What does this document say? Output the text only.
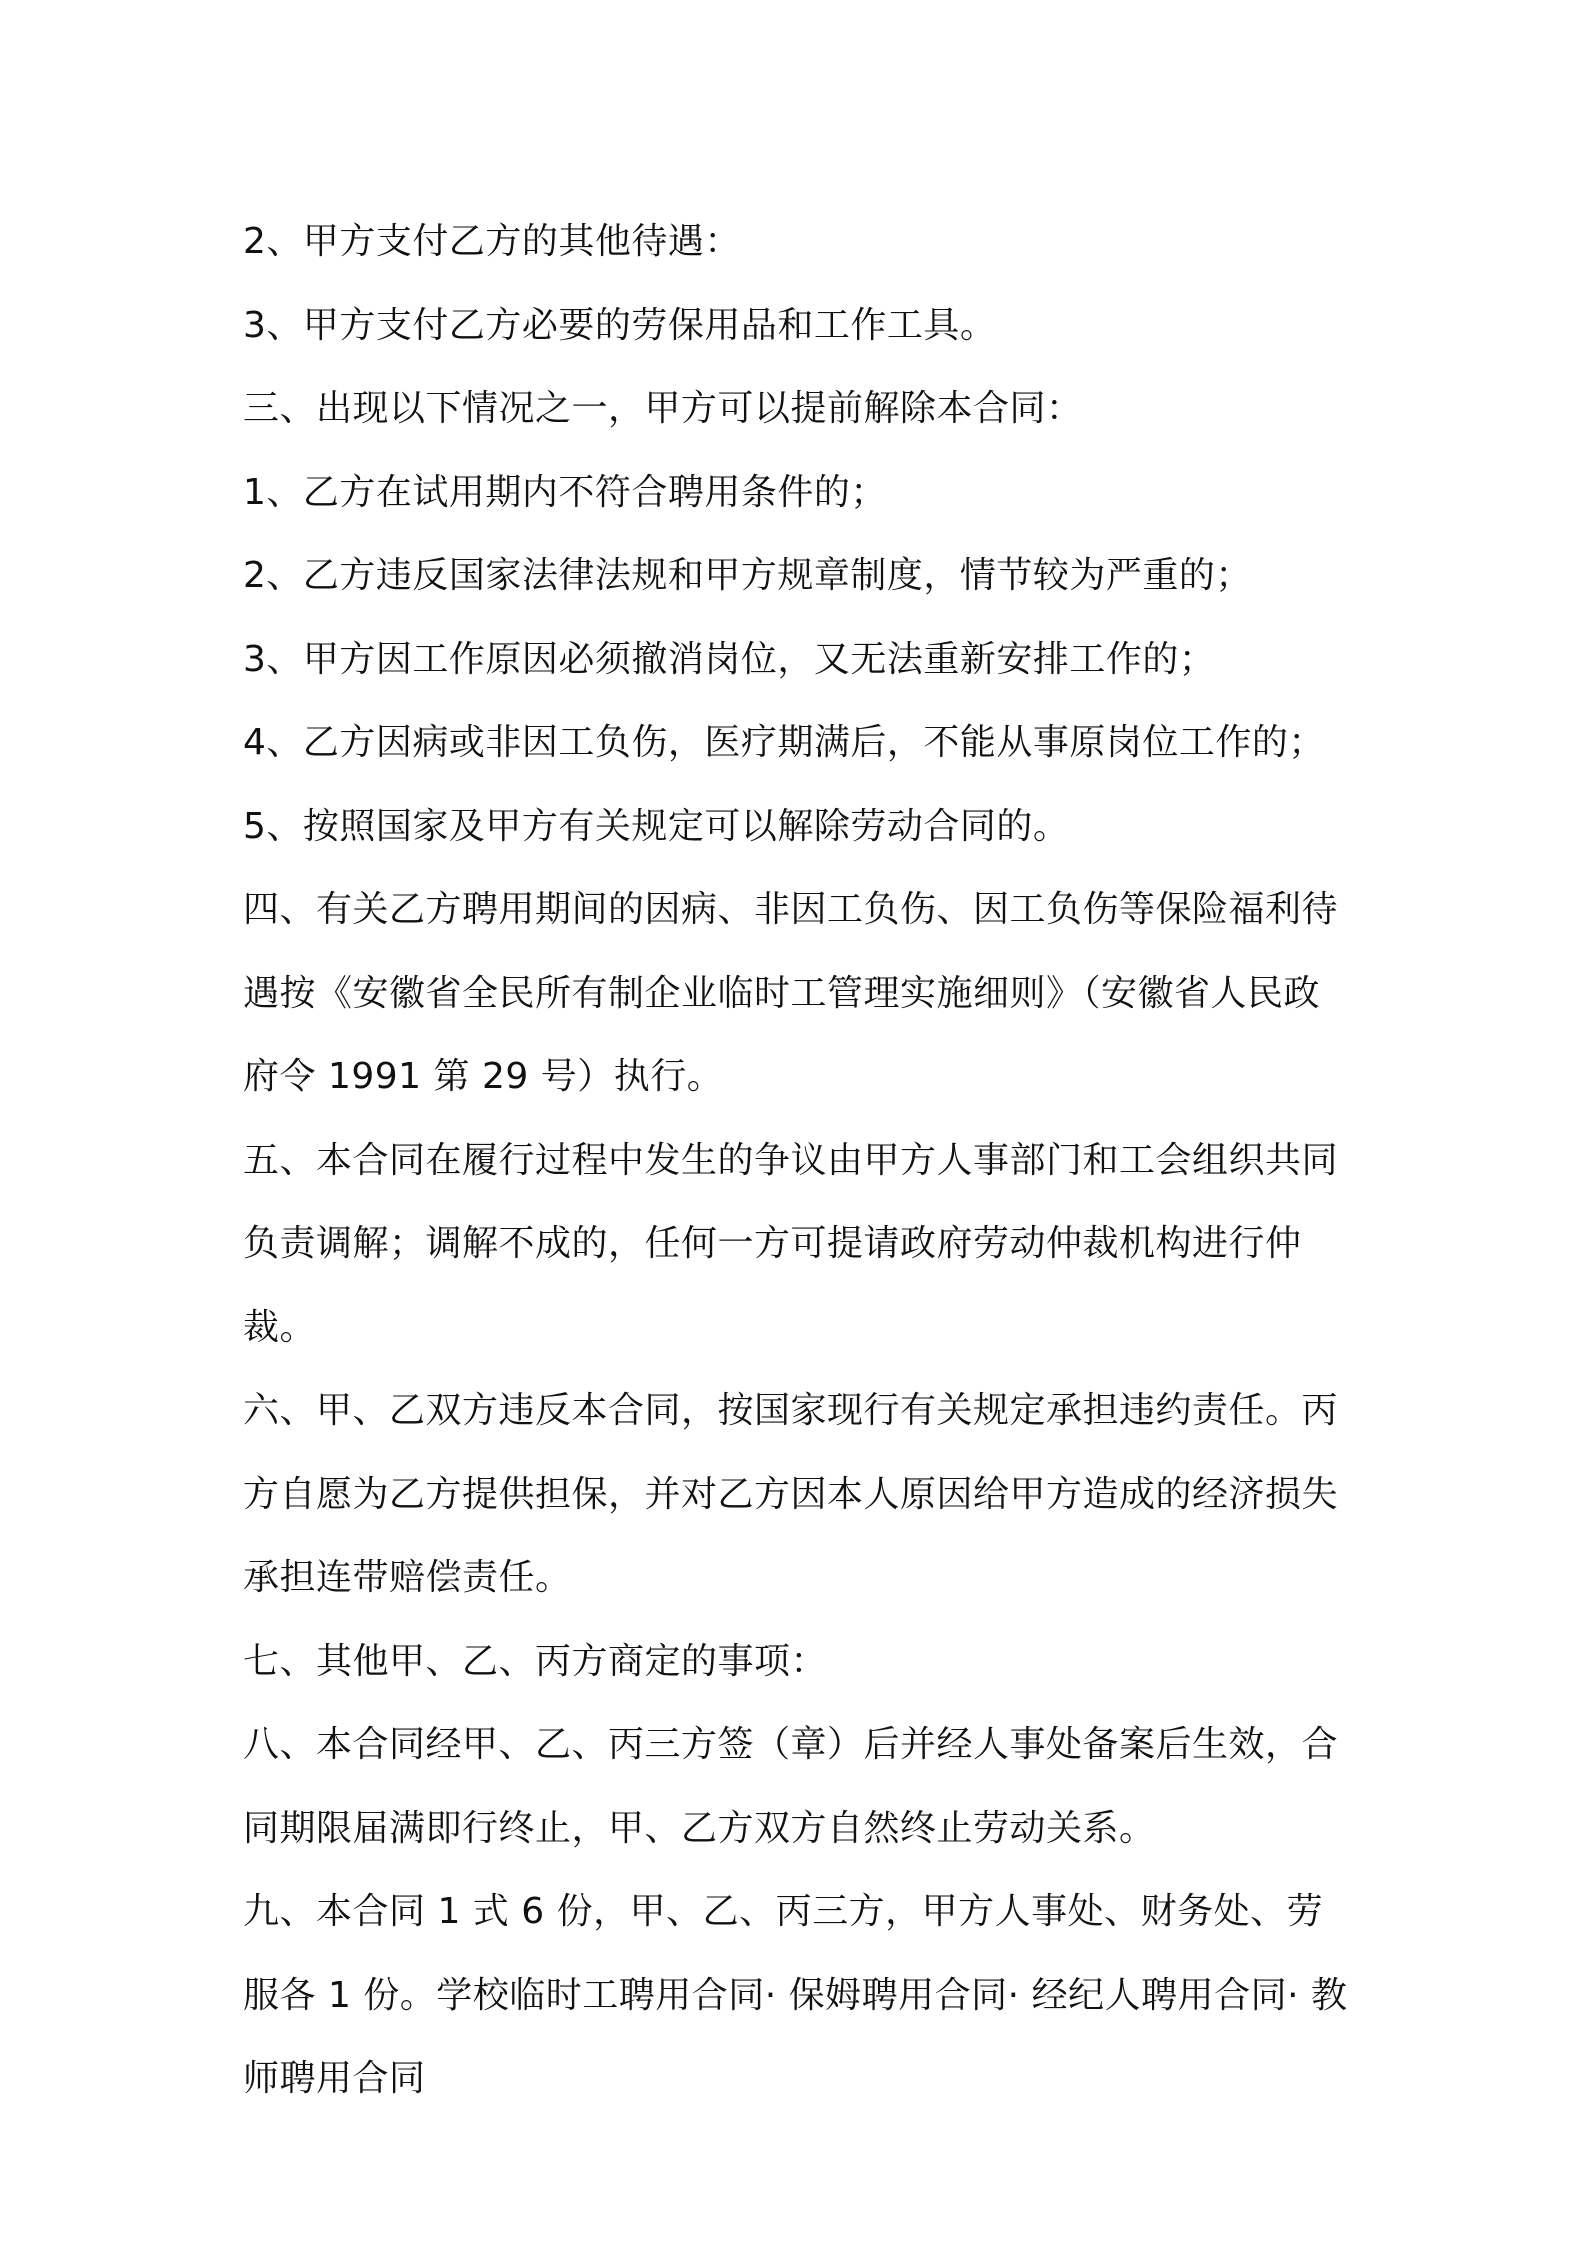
2、甲方支付乙方的其他待遇：

3、甲方支付乙方必要的劳保用品和工作工具。

三、出现以下情况之一，甲方可以提前解除本合同：

1、乙方在试用期内不符合聘用条件的；

2、乙方违反国家法律法规和甲方规章制度，情节较为严重的；

3、甲方因工作原因必须撤消岗位，又无法重新安排工作的；

4、乙方因病或非因工负伤，医疗期满后，不能从事原岗位工作的；

5、按照国家及甲方有关规定可以解除劳动合同的。

四、有关乙方聘用期间的因病、非因工负伤、因工负伤等保险福利待遇按《安徽省全民所有制企业临时工管理实施细则》（安徽省人民政府令 1991 第 29 号）执行。

五、本合同在履行过程中发生的争议由甲方人事部门和工会组织共同负责调解；调解不成的，任何一方可提请政府劳动仲裁机构进行仲裁。

六、甲、乙双方违反本合同，按国家现行有关规定承担违约责任。丙方自愿为乙方提供担保，并对乙方因本人原因给甲方造成的经济损失承担连带赔偿责任。

七、其他甲、乙、丙方商定的事项：

八、本合同经甲、乙、丙三方签（章）后并经人事处备案后生效，合同期限届满即行终止，甲、乙方双方自然终止劳动关系。

九、本合同 1 式 6 份，甲、乙、丙三方，甲方人事处、财务处、劳服各 1 份。学校临时工聘用合同· 保姆聘用合同· 经纪人聘用合同· 教师聘用合同
